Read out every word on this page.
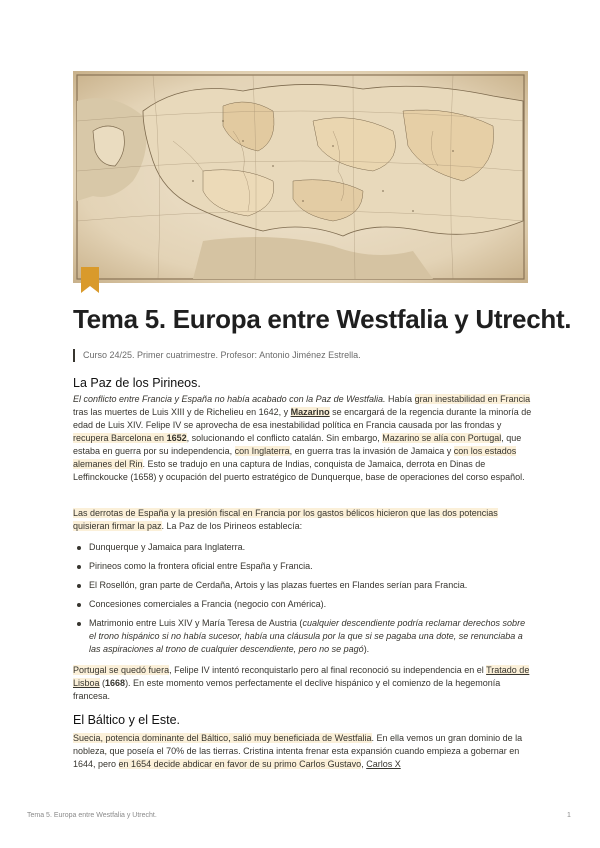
Tema 5. Europa entre Westfalia y Utrecht.
Curso 24/25. Primer cuatrimestre. Profesor: Antonio Jiménez Estrella.
La Paz de los Pirineos.
El conflicto entre Francia y España no había acabado con la Paz de Westfalia. Había gran inestabilidad en Francia tras las muertes de Luis XIII y de Richelieu en 1642, y Mazarino se encargará de la regencia durante la minoría de edad de Luis XIV. Felipe IV se aprovecha de esa inestabilidad política en Francia causada por las frondas y recupera Barcelona en 1652, solucionando el conflicto catalán. Sin embargo, Mazarino se alía con Portugal, que estaba en guerra por su independencia, con Inglaterra, en guerra tras la invasión de Jamaica y con los estados alemanes del Rin. Esto se tradujo en una captura de Indias, conquista de Jamaica, derrota en Dinas de Leffinckoucke (1658) y ocupación del puerto estratégico de Dunquerque, base de operaciones del corso español.
Las derrotas de España y la presión fiscal en Francia por los gastos bélicos hicieron que las dos potencias quisieran firmar la paz. La Paz de los Pirineos establecía:
Dunquerque y Jamaica para Inglaterra.
Pirineos como la frontera oficial entre España y Francia.
El Rosellón, gran parte de Cerdaña, Artois y las plazas fuertes en Flandes serían para Francia.
Concesiones comerciales a Francia (negocio con América).
Matrimonio entre Luis XIV y María Teresa de Austria (cualquier descendiente podría reclamar derechos sobre el trono hispánico si no había sucesor, había una cláusula por la que si se pagaba una dote, se renunciaba a las aspiraciones al trono de cualquier descendiente, pero no se pagó).
Portugal se quedó fuera, Felipe IV intentó reconquistarlo pero al final reconoció su independencia en el Tratado de Lisboa (1668). En este momento vemos perfectamente el declive hispánico y el comienzo de la hegemonía francesa.
El Báltico y el Este.
Suecia, potencia dominante del Báltico, salió muy beneficiada de Westfalia. En ella vemos un gran dominio de la nobleza, que poseía el 70% de las tierras. Cristina intenta frenar esta expansión cuando empieza a gobernar en 1644, pero en 1654 decide abdicar en favor de su primo Carlos Gustavo, Carlos X
Tema 5. Europa entre Westfalia y Utrecht.	1
